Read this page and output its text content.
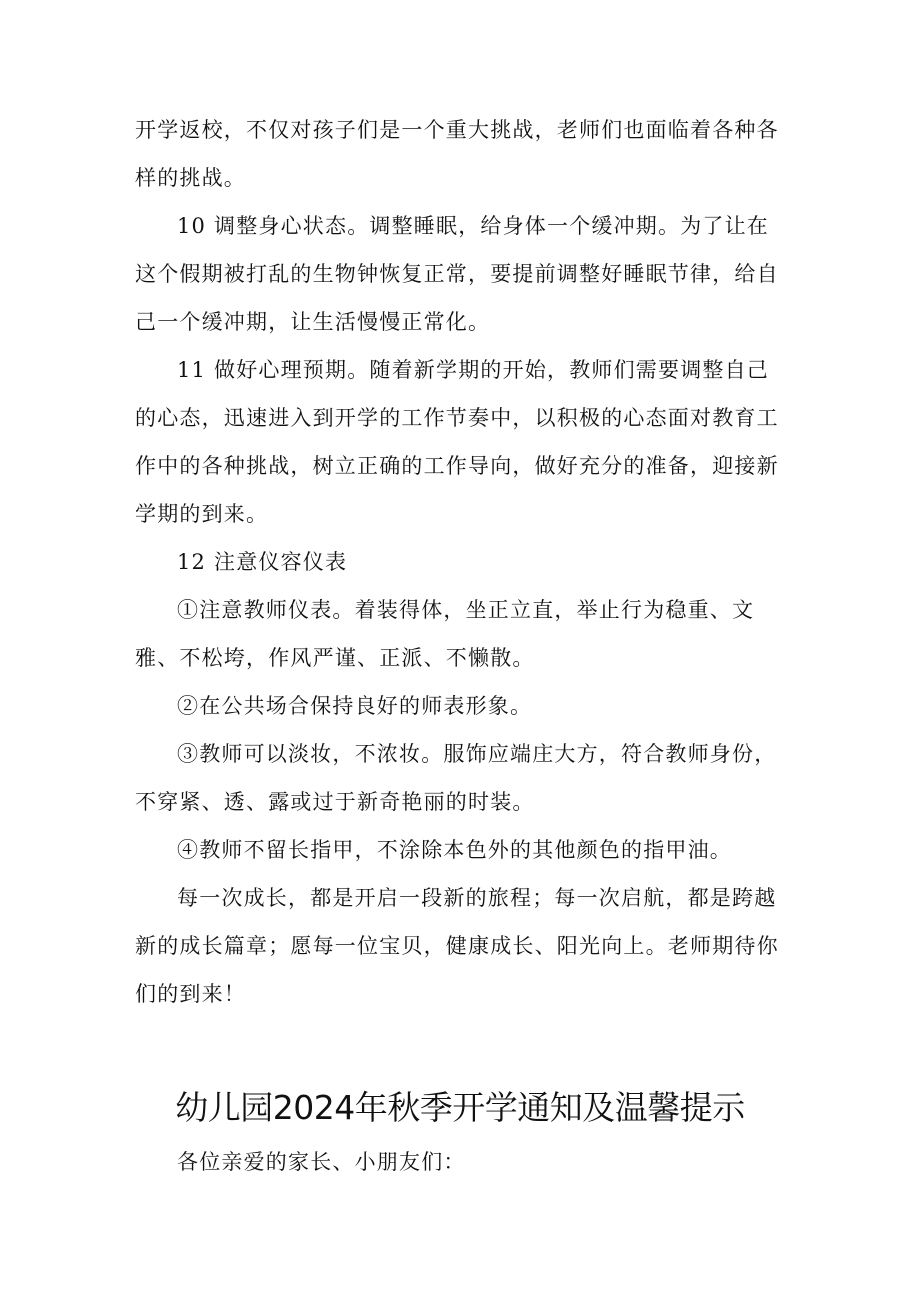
开学返校，不仅对孩子们是一个重大挑战，老师们也面临着各种各样的挑战。

10 调整身心状态。调整睡眠，给身体一个缓冲期。为了让在这个假期被打乱的生物钟恢复正常，要提前调整好睡眠节律，给自己一个缓冲期，让生活慢慢正常化。

11 做好心理预期。随着新学期的开始，教师们需要调整自己的心态，迅速进入到开学的工作节奏中，以积极的心态面对教育工作中的各种挑战，树立正确的工作导向，做好充分的准备，迎接新学期的到来。

12 注意仪容仪表

①注意教师仪表。着装得体，坐正立直，举止行为稳重、文雅、不松垮，作风严谨、正派、不懒散。

②在公共场合保持良好的师表形象。

③教师可以淡妆，不浓妆。服饰应端庄大方，符合教师身份，不穿紧、透、露或过于新奇艳丽的时装。

④教师不留长指甲，不涂除本色外的其他颜色的指甲油。

每一次成长，都是开启一段新的旅程；每一次启航，都是跨越新的成长篇章；愿每一位宝贝，健康成长、阳光向上。老师期待你们的到来！

幼儿园2024年秋季开学通知及温馨提示

各位亲爱的家长、小朋友们：
